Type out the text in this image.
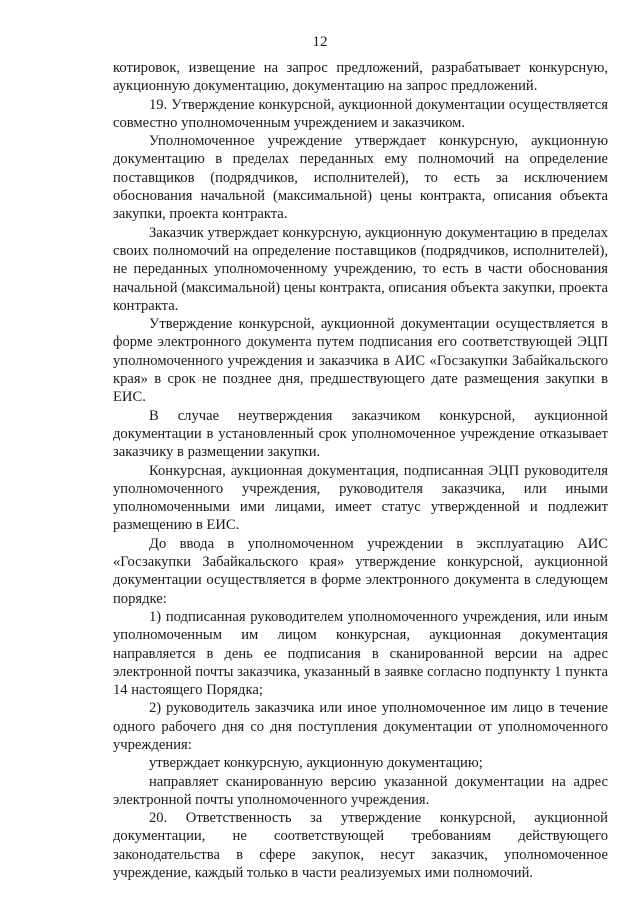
12

котировок, извещение на запрос предложений, разрабатывает конкурсную, аукционную документацию, документацию на запрос предложений.

19. Утверждение конкурсной, аукционной документации осуществляется совместно уполномоченным учреждением и заказчиком.

Уполномоченное учреждение утверждает конкурсную, аукционную документацию в пределах переданных ему полномочий на определение поставщиков (подрядчиков, исполнителей), то есть за исключением обоснования начальной (максимальной) цены контракта, описания объекта закупки, проекта контракта.

Заказчик утверждает конкурсную, аукционную документацию в пределах своих полномочий на определение поставщиков (подрядчиков, исполнителей), не переданных уполномоченному учреждению, то есть в части обоснования начальной (максимальной) цены контракта, описания объекта закупки, проекта контракта.

Утверждение конкурсной, аукционной документации осуществляется в форме электронного документа путем подписания его соответствующей ЭЦП уполномоченного учреждения и заказчика в АИС «Госзакупки Забайкальского края» в срок не позднее дня, предшествующего дате размещения закупки в ЕИС.

В случае неутверждения заказчиком конкурсной, аукционной документации в установленный срок уполномоченное учреждение отказывает заказчику в размещении закупки.

Конкурсная, аукционная документация, подписанная ЭЦП руководителя уполномоченного учреждения, руководителя заказчика, или иными уполномоченными ими лицами, имеет статус утвержденной и подлежит размещению в ЕИС.

До ввода в уполномоченном учреждении в эксплуатацию АИС «Госзакупки Забайкальского края» утверждение конкурсной, аукционной документации осуществляется в форме электронного документа в следующем порядке:

1) подписанная руководителем уполномоченного учреждения, или иным уполномоченным им лицом конкурсная, аукционная документация направляется в день ее подписания в сканированной версии на адрес электронной почты заказчика, указанный в заявке согласно подпункту 1 пункта 14 настоящего Порядка;

2) руководитель заказчика или иное уполномоченное им лицо в течение одного рабочего дня со дня поступления документации от уполномоченного учреждения:

утверждает конкурсную, аукционную документацию;

направляет сканированную версию указанной документации на адрес электронной почты уполномоченного учреждения.

20. Ответственность за утверждение конкурсной, аукционной документации, не соответствующей требованиям действующего законодательства в сфере закупок, несут заказчик, уполномоченное учреждение, каждый только в части реализуемых ими полномочий.
